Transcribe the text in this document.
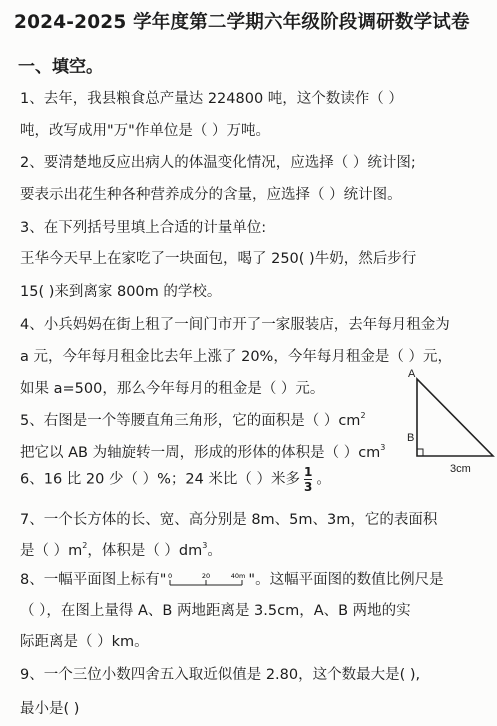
2024-2025 学年度第二学期六年级阶段调研数学试卷
一、填空。
1、去年，我县粮食总产量达 224800 吨，这个数读作（ ）
吨，改写成用"万"作单位是（ ）万吨。
2、要清楚地反应出病人的体温变化情况，应选择（ ）统计图;
要表示出花生种各种营养成分的含量，应选择（ ）统计图。
3、在下列括号里填上合适的计量单位:
王华今天早上在家吃了一块面包，喝了 250( )牛奶，然后步行
15( )来到离家 800m 的学校。
4、小兵妈妈在街上租了一间门市开了一家服装店，去年每月租金为
a 元，今年每月租金比去年上涨了 20%，今年每月租金是（ ）元，
如果 a=500，那么今年每月的租金是（ ）元。
5、右图是一个等腰直角三角形，它的面积是（ ）$cm^2$
把它以 AB 为轴旋转一周，形成的形体的体积是（ ）$cm^3$
6、16 比 20 少（ ）%；24 米比（ ）米多 $\frac{1}{3}$ 。
7、一个长方体的长、宽、高分别是 8m、5m、3m，它的表面积
是（ ）$m^2$，体积是（ ）$dm^3$。
8、一幅平面图上标有" 0	20	40m "。这幅平面图的数值比例尺是
（ ），在图上量得 A、B 两地距离是 3.5cm，A、B 两地的实
际距离是（ ）km。
9、一个三位小数四舍五入取近似值是 2.80，这个数最大是( ),
最小是( )
A
B
3cm
